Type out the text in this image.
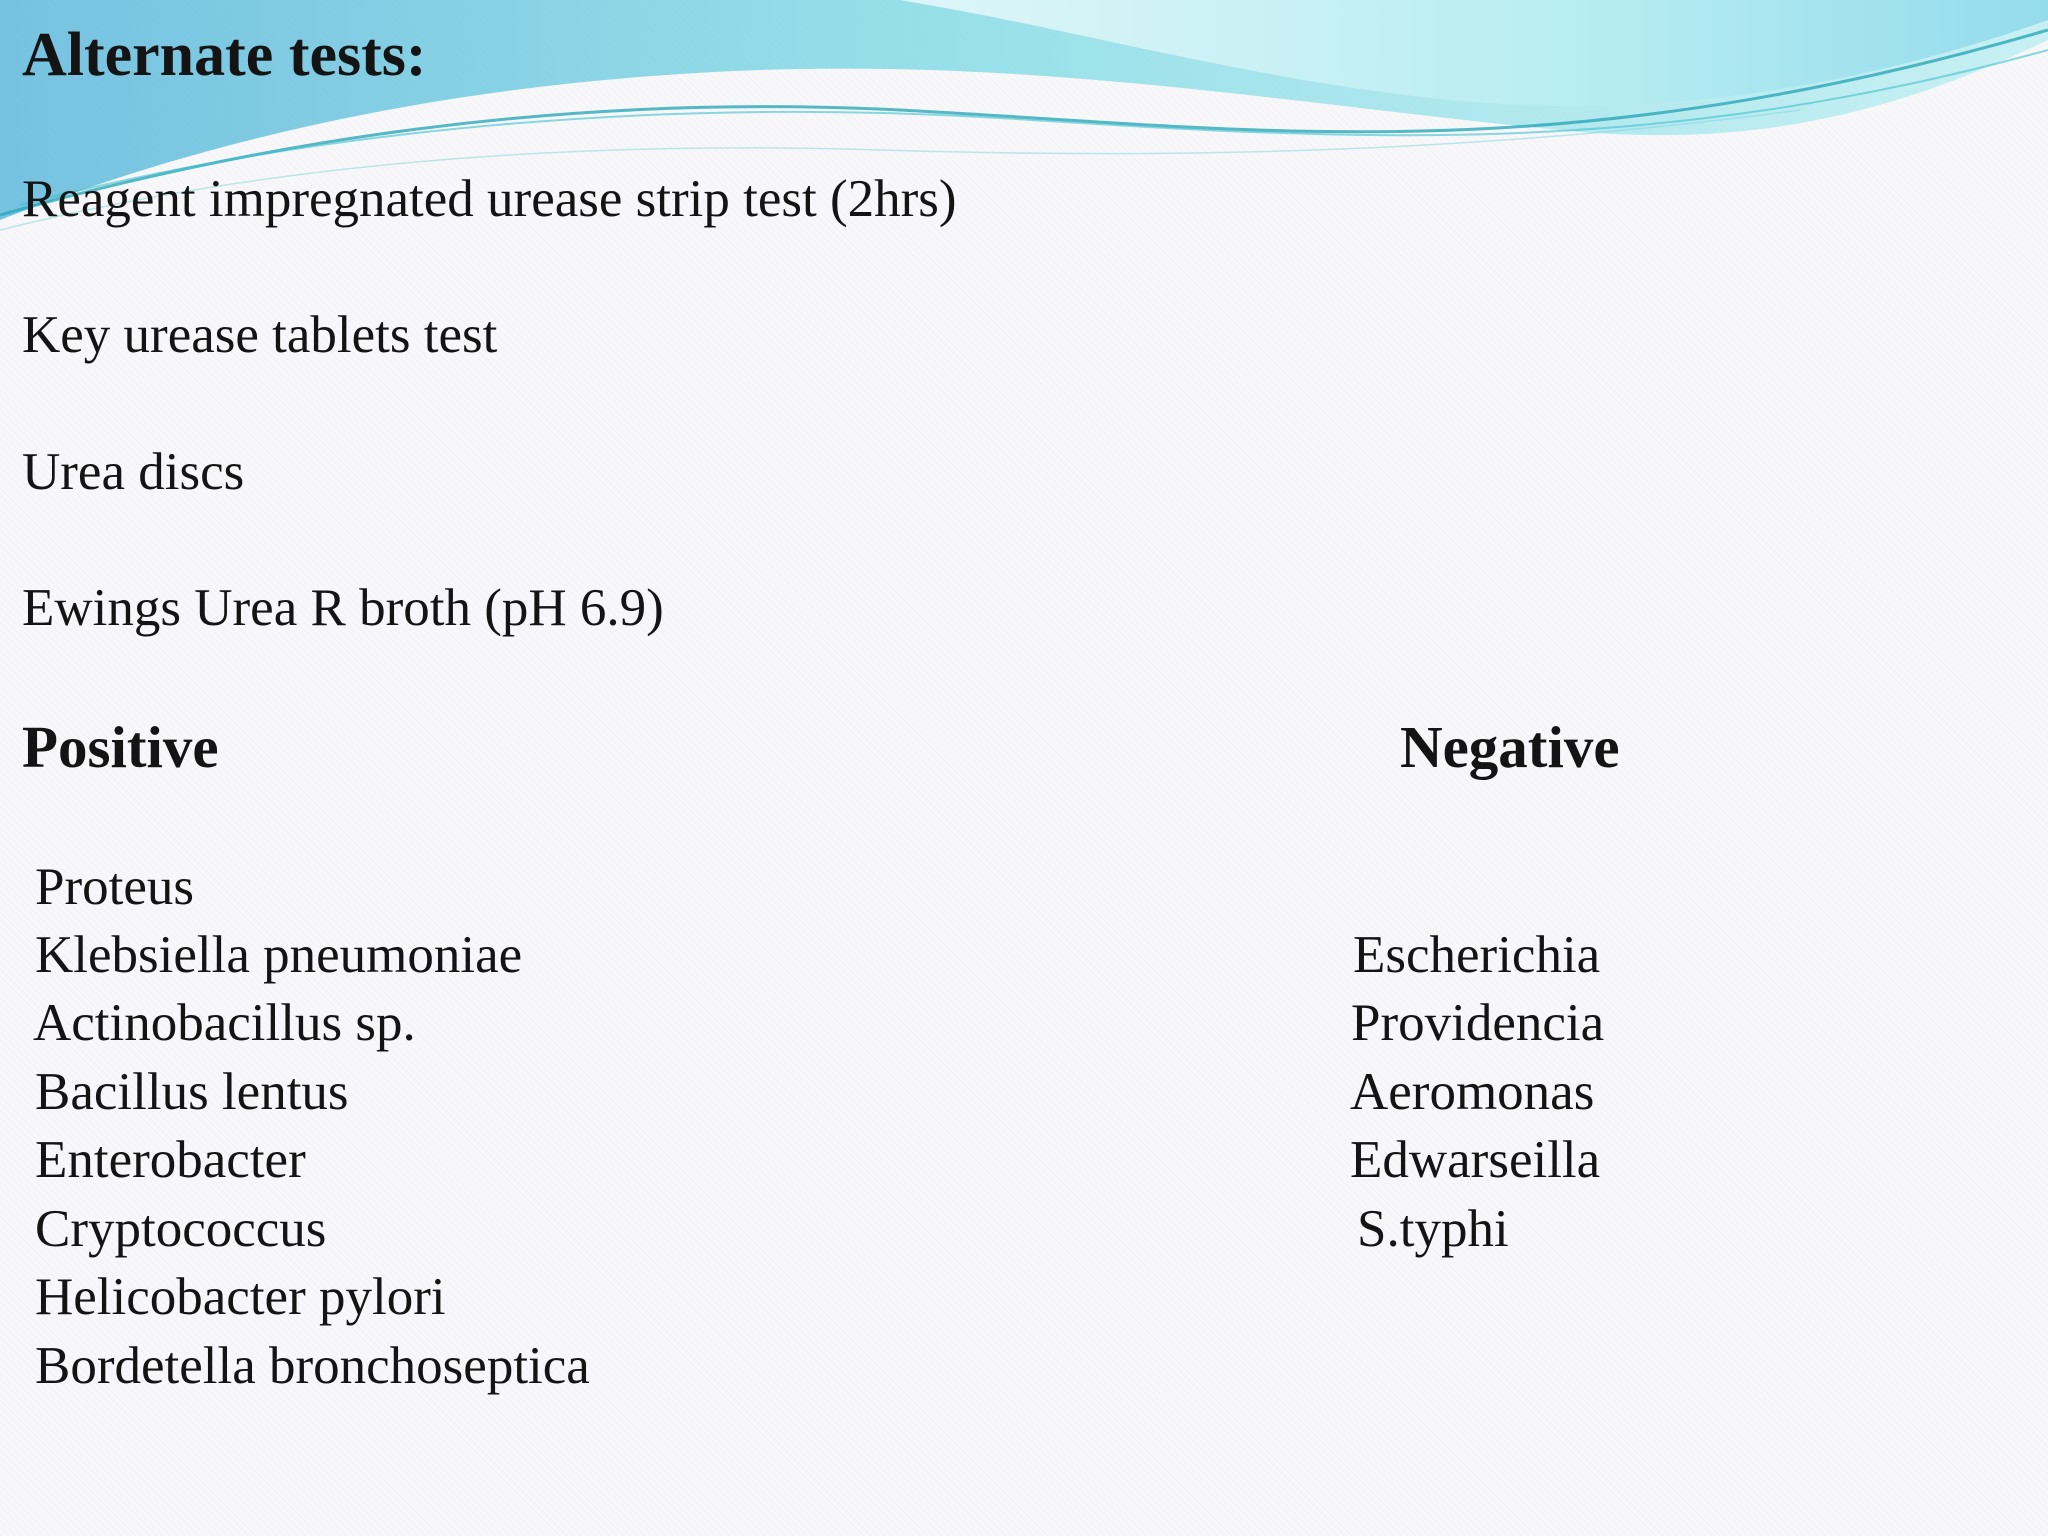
Alternate tests:
Reagent impregnated urease strip test (2hrs)
Key urease tablets test
Urea discs
Ewings Urea R broth (pH 6.9)
Positive	Negative
Proteus
Klebsiella pneumoniae
Actinobacillus sp.
Bacillus lentus
Enterobacter
Cryptococcus
Helicobacter pylori
Bordetella bronchoseptica
Escherichia
Providencia
Aeromonas
Edwarseilla
S.typhi
